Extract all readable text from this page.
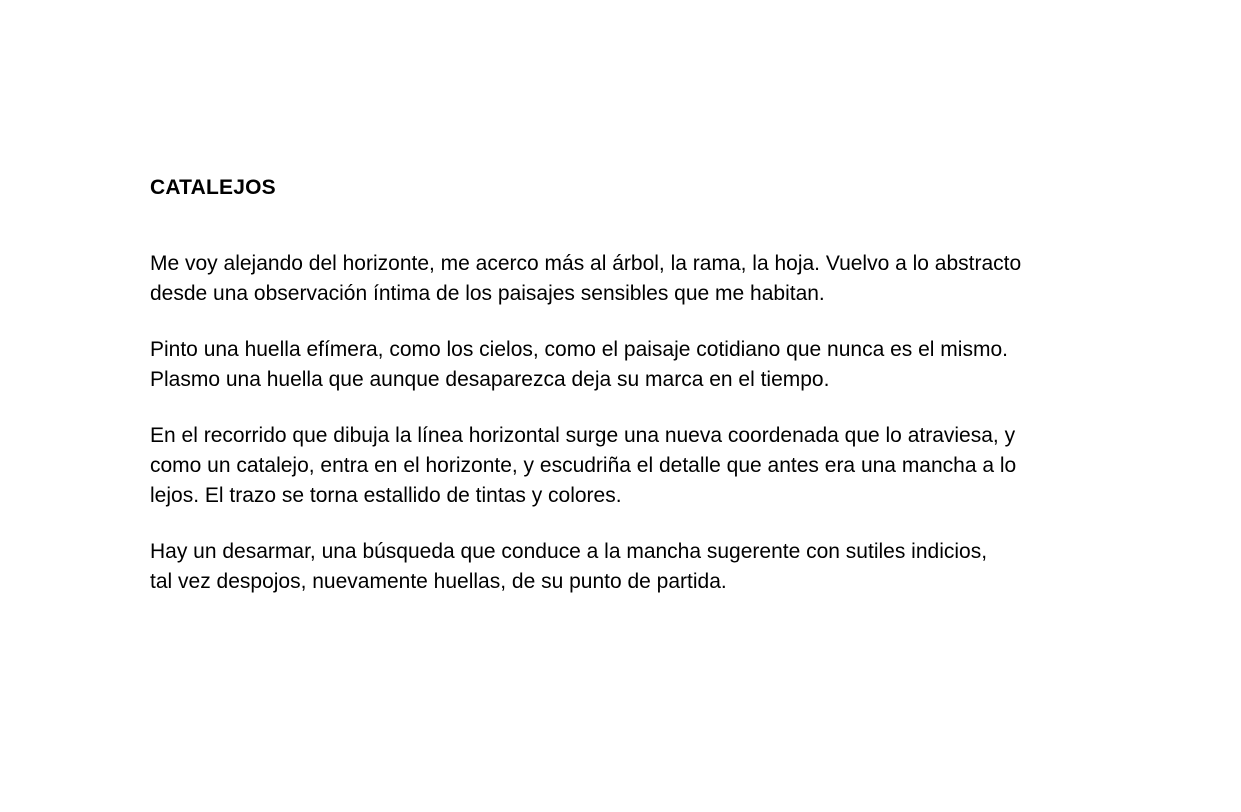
CATALEJOS

Me voy alejando del horizonte, me acerco más al árbol, la rama, la hoja. Vuelvo a lo abstracto
desde una observación íntima de los paisajes sensibles que me habitan.

Pinto una huella efímera, como los cielos, como el paisaje cotidiano que nunca es el mismo.
Plasmo una huella que aunque desaparezca deja su marca en el tiempo.

En el recorrido que dibuja la línea horizontal surge una nueva coordenada que lo atraviesa, y
como un catalejo, entra en el horizonte, y escudriña el detalle que antes era una mancha a lo
lejos. El trazo se torna estallido de tintas y colores.

Hay un desarmar, una búsqueda que conduce a la mancha sugerente con sutiles indicios,
tal vez despojos, nuevamente huellas, de su punto de partida.
